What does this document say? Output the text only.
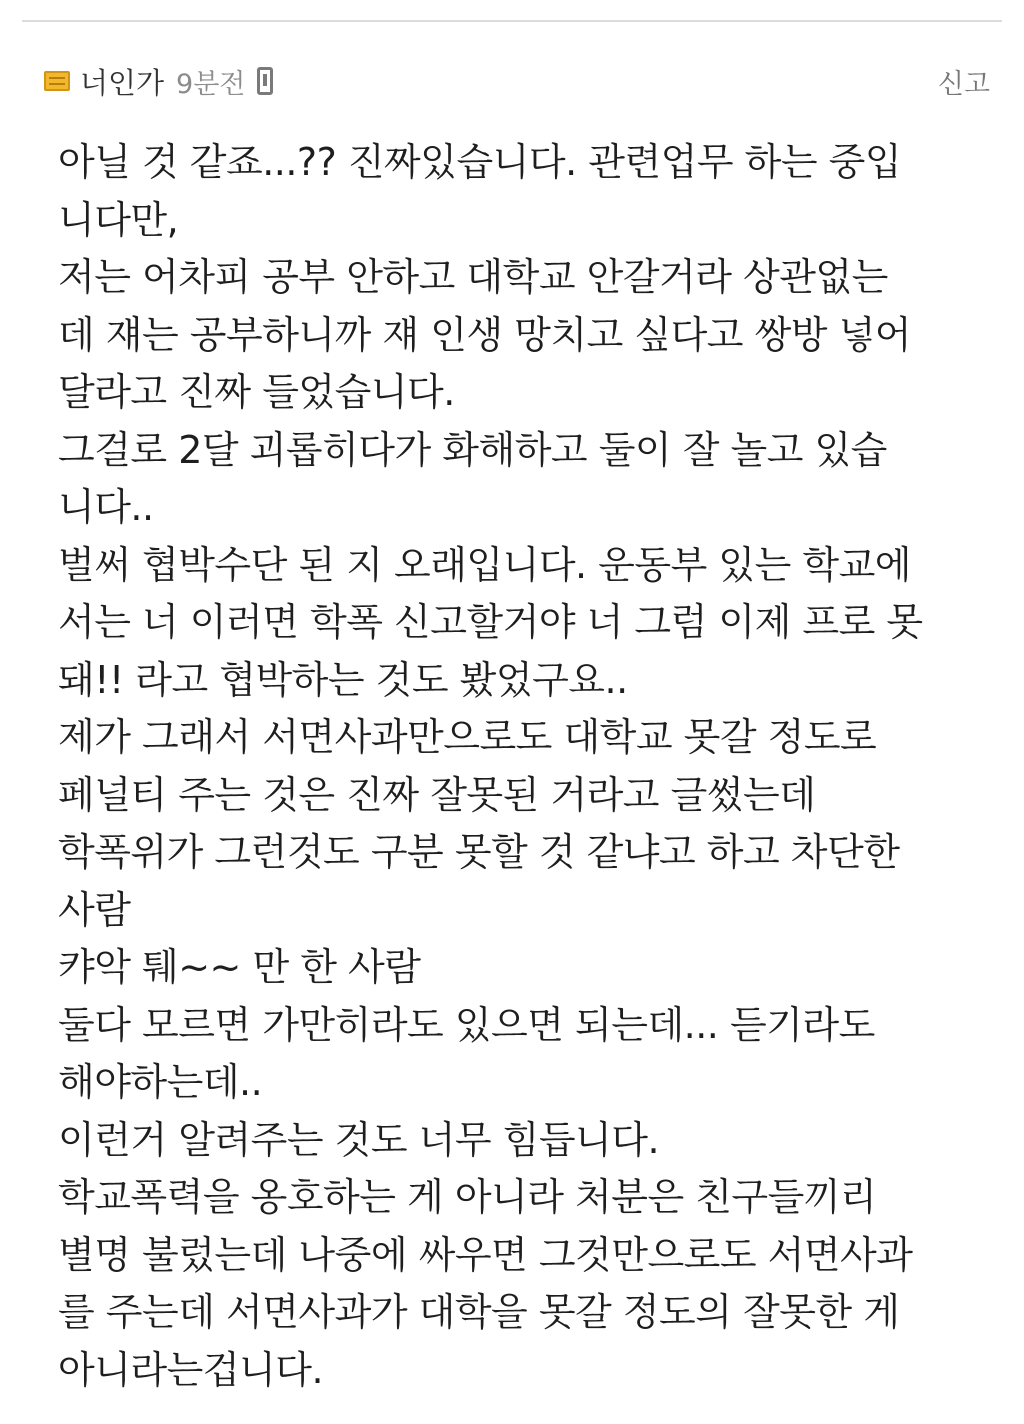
너인가 9분전	신고
아닐 것 같죠...?? 진짜있습니다. 관련업무 하는 중입
니다만,
저는 어차피 공부 안하고 대학교 안갈거라 상관없는
데 쟤는 공부하니까 쟤 인생 망치고 싶다고 쌍방 넣어
달라고 진짜 들었습니다.
그걸로 2달 괴롭히다가 화해하고 둘이 잘 놀고 있습
니다..
벌써 협박수단 된 지 오래입니다. 운동부 있는 학교에
서는 너 이러면 학폭 신고할거야 너 그럼 이제 프로 못
돼!! 라고 협박하는 것도 봤었구요..
제가 그래서 서면사과만으로도 대학교 못갈 정도로
페널티 주는 것은 진짜 잘못된 거라고 글썼는데
학폭위가 그런것도 구분 못할 것 같냐고 하고 차단한
사람
캬악 퉤~~ 만 한 사람
둘다 모르면 가만히라도 있으면 되는데... 듣기라도
해야하는데..
이런거 알려주는 것도 너무 힘듭니다.
학교폭력을 옹호하는 게 아니라 처분은 친구들끼리
별명 불렀는데 나중에 싸우면 그것만으로도 서면사과
를 주는데 서면사과가 대학을 못갈 정도의 잘못한 게
아니라는겁니다.
